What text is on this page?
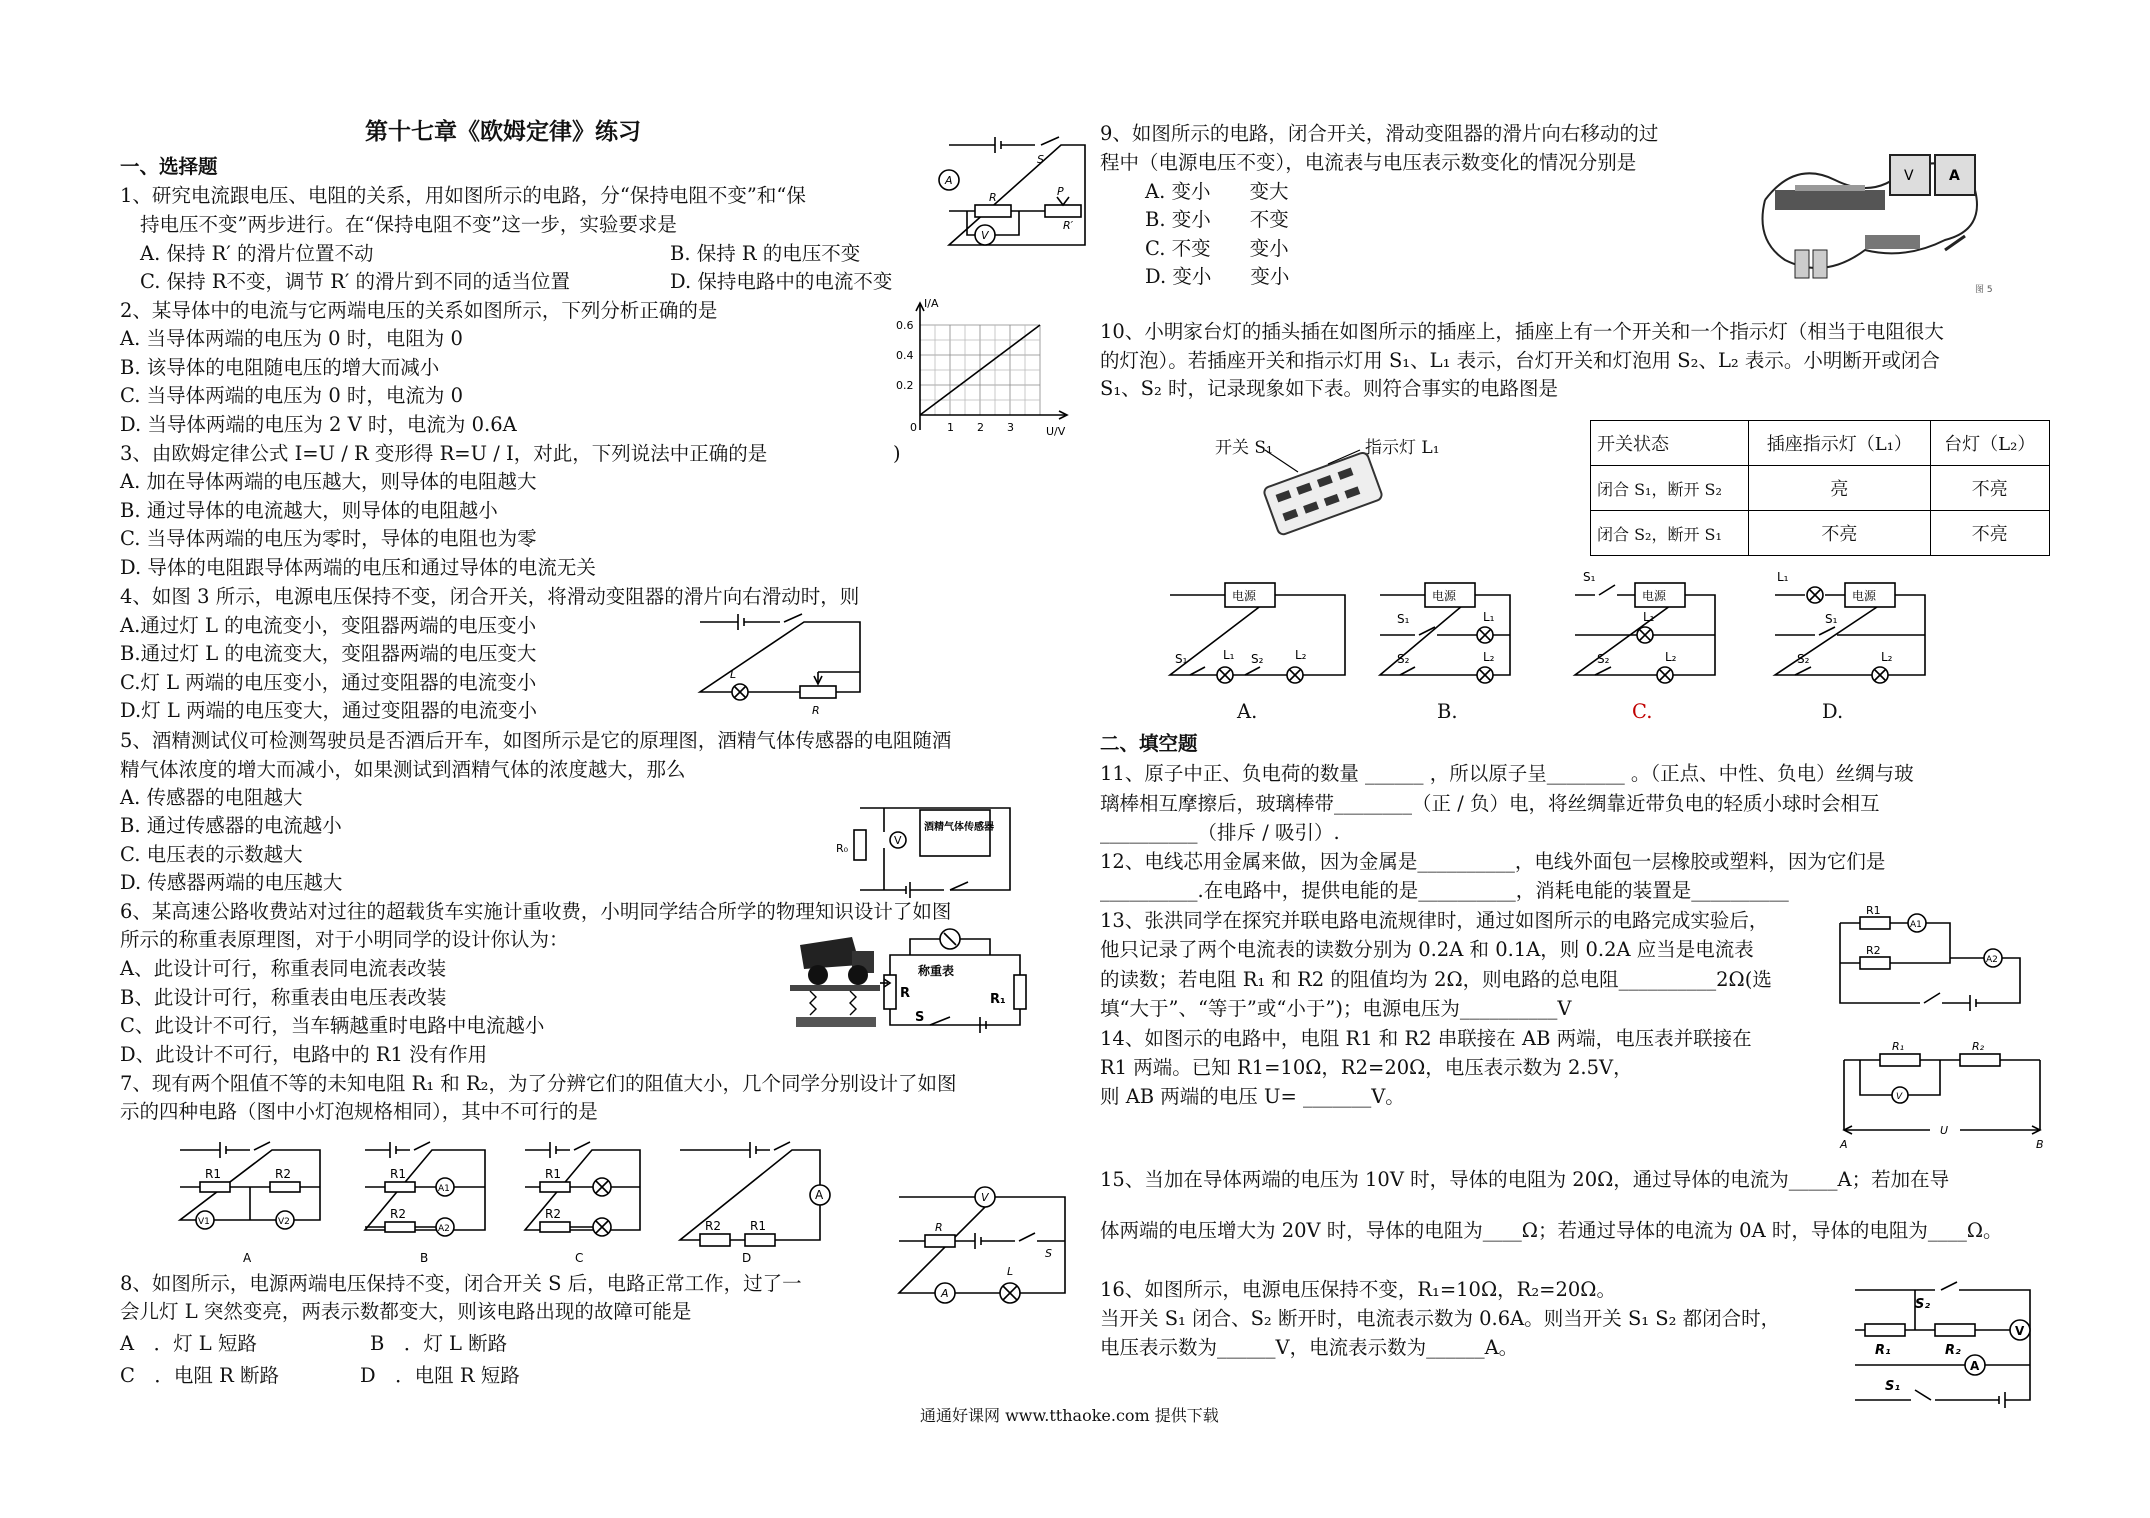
第十七章《欧姆定律》练习
一、选择题
1、研究电流跟电压、电阻的关系，用如图所示的电路，分“保持电阻不变”和“保
持电压不变”两步进行。在“保持电阻不变”这一步，实验要求是
A. 保持 R′ 的滑片位置不动	B. 保持 R 的电压不变
C. 保持 R不变，调节 R′ 的滑片到不同的适当位置	D. 保持电路中的电流不变
A
V
R	P
R′
S
2、某导体中的电流与它两端电压的关系如图所示，下列分析正确的是
A. 当导体两端的电压为 0 时，电阻为 0
B. 该导体的电阻随电压的增大而减小
C. 当导体两端的电压为 0 时，电流为 0
D. 当导体两端的电压为 2 V 时，电流为 0.6A
I/A
U/V
0.6
0.4
0.2
0	1 2 3
3、由欧姆定律公式 I=U / R 变形得 R=U / I，对此，下列说法中正确的是	)
A. 加在导体两端的电压越大，则导体的电阻越大
B. 通过导体的电流越大，则导体的电阻越小
C. 当导体两端的电压为零时，导体的电阻也为零
D. 导体的电阻跟导体两端的电压和通过导体的电流无关
4、如图 3 所示，电源电压保持不变，闭合开关，将滑动变阻器的滑片向右滑动时，则
A.通过灯 L 的电流变小，变阻器两端的电压变小
B.通过灯 L 的电流变大，变阻器两端的电压变大
C.灯 L 两端的电压变小，通过变阻器的电流变小
D.灯 L 两端的电压变大，通过变阻器的电流变小
L
R
5、酒精测试仪可检测驾驶员是否酒后开车，如图所示是它的原理图，酒精气体传感器的电阻随酒
精气体浓度的增大而减小，如果测试到酒精气体的浓度越大，那么
A. 传感器的电阻越大
B. 通过传感器的电流越小
C. 电压表的示数越大
D. 传感器两端的电压越大
R₀
V
酒精气体传感器
6、某高速公路收费站对过往的超载货车实施计重收费，小明同学结合所学的物理知识设计了如图
所示的称重表原理图，对于小明同学的设计你认为：
A、此设计可行，称重表同电流表改装
B、此设计可行，称重表由电压表改装
C、此设计不可行，当车辆越重时电路中电流越小
D、此设计不可行，电路中的 R1 没有作用
称重表
R	R₁
S
7、现有两个阻值不等的未知电阻 R₁ 和 R₂，为了分辨它们的阻值大小，几个同学分别设计了如图
示的四种电路（图中小灯泡规格相同），其中不可行的是
R1	R2
V1	V2
R1
R2
A1
A2
R1
R2
R2 R1
A
A	B	C	D
8、如图所示，电源两端电压保持不变，闭合开关 S 后，电路正常工作，过了一
会儿灯 L 突然变亮，两表示数都变大，则该电路出现的故障可能是
A　．灯 L 短路	B　．灯 L 断路
C　．电阻 R 断路	D　．电阻 R 短路
V
A
R
L
S
9、如图所示的电路，闭合开关，滑动变阻器的滑片向右移动的过
程中（电源电压不变），电流表与电压表示数变化的情况分别是
A. 变小　　变大
B. 变小　　不变
C. 不变　　变小
D. 变小　　变小
V	A
图 5
10、小明家台灯的插头插在如图所示的插座上，插座上有一个开关和一个指示灯（相当于电阻很大
的灯泡）。若插座开关和指示灯用 S₁、L₁ 表示，台灯开关和灯泡用 S₂、L₂ 表示。小明断开或闭合
S₁、S₂ 时，记录现象如下表。则符合事实的电路图是
开关 S₁	指示灯 L₁	开关状态	插座指示灯（L₁）	台灯（L₂）
闭合 S₁，断开 S₂	亮	不亮
闭合 S₂，断开 S₁	不亮	不亮
电源	电源	电源	电源
S₁	L₁ S₂	L₂
S₁	L₁
S₂	L₂
S₁
L₁
S₂	L₂
L₁
S₁
S₂	L₂
A.	B.	C.	D.
二、填空题
11、原子中正、负电荷的数量 ______ ，所以原子呈________ 。（正点、中性、负电）丝绸与玻
璃棒相互摩擦后，玻璃棒带________（正 / 负）电，将丝绸靠近带负电的轻质小球时会相互
__________（排斥 / 吸引）.
12、电线芯用金属来做，因为金属是__________，电线外面包一层橡胶或塑料，因为它们是
__________.在电路中，提供电能的是__________，消耗电能的装置是__________
13、张洪同学在探究并联电路电流规律时，通过如图所示的电路完成实验后，
他只记录了两个电流表的读数分别为 0.2A 和 0.1A，则 0.2A 应当是电流表
的读数；若电阻 R₁ 和 R2 的阻值均为 2Ω，则电路的总电阻__________2Ω(选
填“大于”、“等于”或“小于”)；电源电压为__________V
R1
R2
A1
A2
14、如图示的电路中，电阻 R1 和 R2 串联接在 AB 两端，电压表并联接在
R1 两端。已知 R1=10Ω，R2=20Ω，电压表示数为 2.5V，
则 AB 两端的电压 U= _______V。
R₁	R₂
V
A
U
B
15、当加在导体两端的电压为 10V 时，导体的电阻为 20Ω，通过导体的电流为_____A；若加在导
体两端的电压增大为 20V 时，导体的电阻为____Ω；若通过导体的电流为 0A 时，导体的电阻为____Ω。
16、如图所示，电源电压保持不变，R₁=10Ω，R₂=20Ω。
当开关 S₁ 闭合、S₂ 断开时，电流表示数为 0.6A。则当开关 S₁ S₂ 都闭合时，
电压表示数为______V，电流表示数为______A。
S₂
R₁	R₂
V
A
S₁
通通好课网 www.tthaoke.com 提供下载
